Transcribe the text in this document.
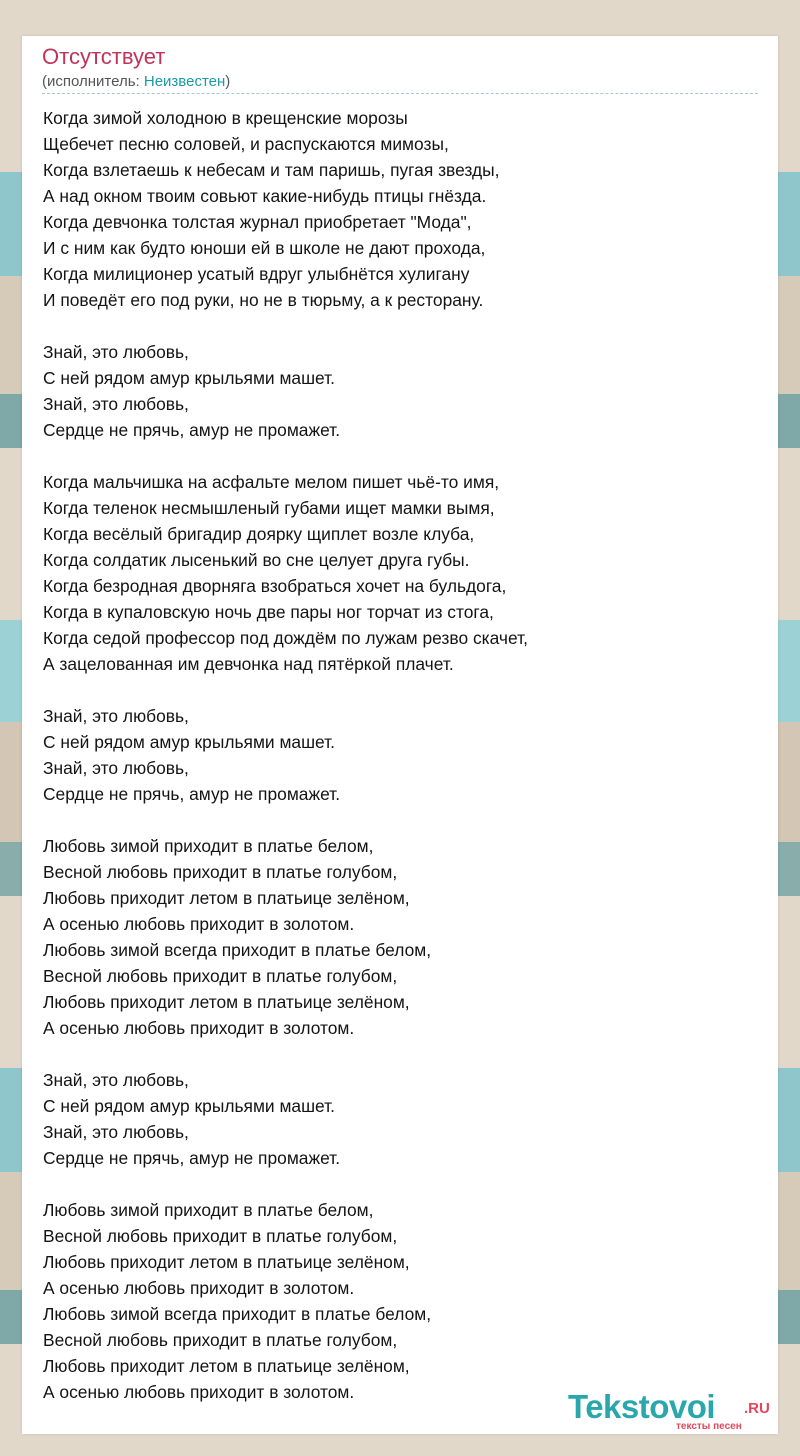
Отсутствует
(исполнитель: Неизвестен)
Когда зимой холодною в крещенские морозы
Щебечет песню соловей, и распускаются мимозы,
Когда взлетаешь к небесам и там паришь, пугая звезды,
А над окном твоим совьют какие-нибудь птицы гнёзда.
Когда девчонка толстая журнал приобретает "Мода",
И с ним как будто юноши ей в школе не дают прохода,
Когда милиционер усатый вдруг улыбнётся хулигану
И поведёт его под руки, но не в тюрьму, а к ресторану.
Знай, это любовь,
С ней рядом амур крыльями машет.
Знай, это любовь,
Сердце не прячь, амур не промажет.
Когда мальчишка на асфальте мелом пишет чьё-то имя,
Когда теленок несмышленый губами ищет мамки вымя,
Когда весёлый бригадир доярку щиплет возле клуба,
Когда солдатик лысенький во сне целует друга губы.
Когда безродная дворняга взобраться хочет на бульдога,
Когда в купаловскую ночь две пары ног торчат из стога,
Когда седой профессор под дождём по лужам резво скачет,
А зацелованная им девчонка над пятёркой плачет.
Знай, это любовь,
С ней рядом амур крыльями машет.
Знай, это любовь,
Сердце не прячь, амур не промажет.
Любовь зимой приходит в платье белом,
Весной любовь приходит в платье голубом,
Любовь приходит летом в платьице зелёном,
А осенью любовь приходит в золотом.
Любовь зимой всегда приходит в платье белом,
Весной любовь приходит в платье голубом,
Любовь приходит летом в платьице зелёном,
А осенью любовь приходит в золотом.
Знай, это любовь,
С ней рядом амур крыльями машет.
Знай, это любовь,
Сердце не прячь, амур не промажет.
Любовь зимой приходит в платье белом,
Весной любовь приходит в платье голубом,
Любовь приходит летом в платьице зелёном,
А осенью любовь приходит в золотом.
Любовь зимой всегда приходит в платье белом,
Весной любовь приходит в платье голубом,
Любовь приходит летом в платьице зелёном,
А осенью любовь приходит в золотом.	Tekstovoi .RU
тексты песен
